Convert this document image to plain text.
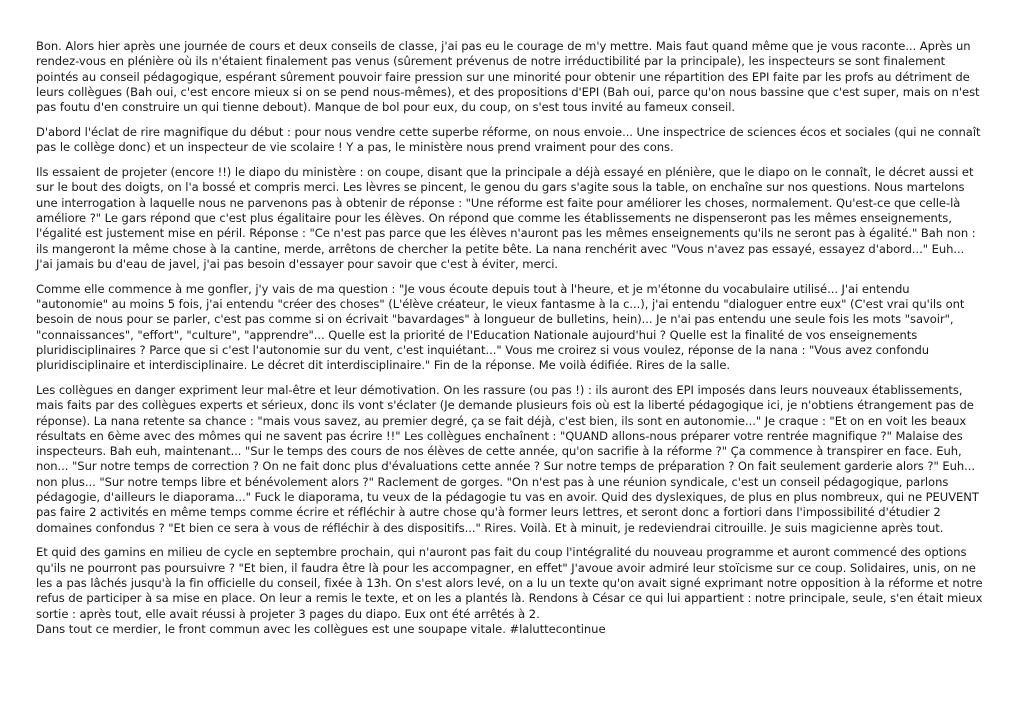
Bon. Alors hier après une journée de cours et deux conseils de classe, j'ai pas eu le courage de m'y mettre. Mais faut quand même que je vous raconte... Après un rendez-vous en plénière où ils n'étaient finalement pas venus (sûrement prévenus de notre irréductibilité par la principale), les inspecteurs se sont finalement pointés au conseil pédagogique, espérant sûrement pouvoir faire pression sur une minorité pour obtenir une répartition des EPI faite par les profs au détriment de leurs collègues (Bah oui, c'est encore mieux si on se pend nous-mêmes), et des propositions d'EPI (Bah oui, parce qu'on nous bassine que c'est super, mais on n'est pas foutu d'en construire un qui tienne debout). Manque de bol pour eux, du coup, on s'est tous invité au fameux conseil.

D'abord l'éclat de rire magnifique du début : pour nous vendre cette superbe réforme, on nous envoie... Une inspectrice de sciences écos et sociales (qui ne connaît pas le collège donc) et un inspecteur de vie scolaire ! Y a pas, le ministère nous prend vraiment pour des cons.

Ils essaient de projeter (encore !!) le diapo du ministère : on coupe, disant que la principale a déjà essayé en plénière, que le diapo on le connaît, le décret aussi et sur le bout des doigts, on l'a bossé et compris merci. Les lèvres se pincent, le genou du gars s'agite sous la table, on enchaîne sur nos questions. Nous martelons une interrogation à laquelle nous ne parvenons pas à obtenir de réponse : "Une réforme est faite pour améliorer les choses, normalement. Qu'est-ce que celle-là améliore ?" Le gars répond que c'est plus égalitaire pour les élèves. On répond que comme les établissements ne dispenseront pas les mêmes enseignements, l'égalité est justement mise en péril. Réponse : "Ce n'est pas parce que les élèves n'auront pas les mêmes enseignements qu'ils ne seront pas à égalité." Bah non : ils mangeront la même chose à la cantine, merde, arrêtons de chercher la petite bête. La nana renchérit avec "Vous n'avez pas essayé, essayez d'abord..." Euh... J'ai jamais bu d'eau de javel, j'ai pas besoin d'essayer pour savoir que c'est à éviter, merci.

Comme elle commence à me gonfler, j'y vais de ma question : "Je vous écoute depuis tout à l'heure, et je m'étonne du vocabulaire utilisé... J'ai entendu "autonomie" au moins 5 fois, j'ai entendu "créer des choses" (L'élève créateur, le vieux fantasme à la c...), j'ai entendu "dialoguer entre eux" (C'est vrai qu'ils ont besoin de nous pour se parler, c'est pas comme si on écrivait "bavardages" à longueur de bulletins, hein)... Je n'ai pas entendu une seule fois les mots "savoir", "connaissances", "effort", "culture", "apprendre"... Quelle est la priorité de l'Education Nationale aujourd'hui ? Quelle est la finalité de vos enseignements pluridisciplinaires ? Parce que si c'est l'autonomie sur du vent, c'est inquiétant..." Vous me croirez si vous voulez, réponse de la nana : "Vous avez confondu pluridisciplinaire et interdisciplinaire. Le décret dit interdisciplinaire." Fin de la réponse. Me voilà édifiée. Rires de la salle.

Les collègues en danger expriment leur mal-être et leur démotivation. On les rassure (ou pas !) : ils auront des EPI imposés dans leurs nouveaux établissements, mais faits par des collègues experts et sérieux, donc ils vont s'éclater (Je demande plusieurs fois où est la liberté pédagogique ici, je n'obtiens étrangement pas de réponse). La nana retente sa chance : "mais vous savez, au premier degré, ça se fait déjà, c'est bien, ils sont en autonomie..." Je craque : "Et on en voit les beaux résultats en 6ème avec des mômes qui ne savent pas écrire !!" Les collègues enchaînent : "QUAND allons-nous préparer votre rentrée magnifique ?" Malaise des inspecteurs. Bah euh, maintenant... "Sur le temps des cours de nos élèves de cette année, qu'on sacrifie à la réforme ?" Ça commence à transpirer en face. Euh, non... "Sur notre temps de correction ? On ne fait donc plus d'évaluations cette année ? Sur notre temps de préparation ? On fait seulement garderie alors ?" Euh... non plus... "Sur notre temps libre et bénévolement alors ?" Raclement de gorges. "On n'est pas à une réunion syndicale, c'est un conseil pédagogique, parlons pédagogie, d'ailleurs le diaporama..." Fuck le diaporama, tu veux de la pédagogie tu vas en avoir. Quid des dyslexiques, de plus en plus nombreux, qui ne PEUVENT pas faire 2 activités en même temps comme écrire et réfléchir à autre chose qu'à former leurs lettres, et seront donc a fortiori dans l'impossibilité d'étudier 2 domaines confondus ? "Et bien ce sera à vous de réfléchir à des dispositifs..." Rires. Voilà. Et à minuit, je redeviendrai citrouille. Je suis magicienne après tout.

Et quid des gamins en milieu de cycle en septembre prochain, qui n'auront pas fait du coup l'intégralité du nouveau programme et auront commencé des options qu'ils ne pourront pas poursuivre ? "Et bien, il faudra être là pour les accompagner, en effet" J'avoue avoir admiré leur stoïcisme sur ce coup. Solidaires, unis, on ne les a pas lâchés jusqu'à la fin officielle du conseil, fixée à 13h. On s'est alors levé, on a lu un texte qu'on avait signé exprimant notre opposition à la réforme et notre refus de participer à sa mise en place. On leur a remis le texte, et on les a plantés là. Rendons à César ce qui lui appartient : notre principale, seule, s'en était mieux sortie : après tout, elle avait réussi à projeter 3 pages du diapo. Eux ont été arrêtés à 2.

Dans tout ce merdier, le front commun avec les collègues est une soupape vitale. #laluttecontinue
